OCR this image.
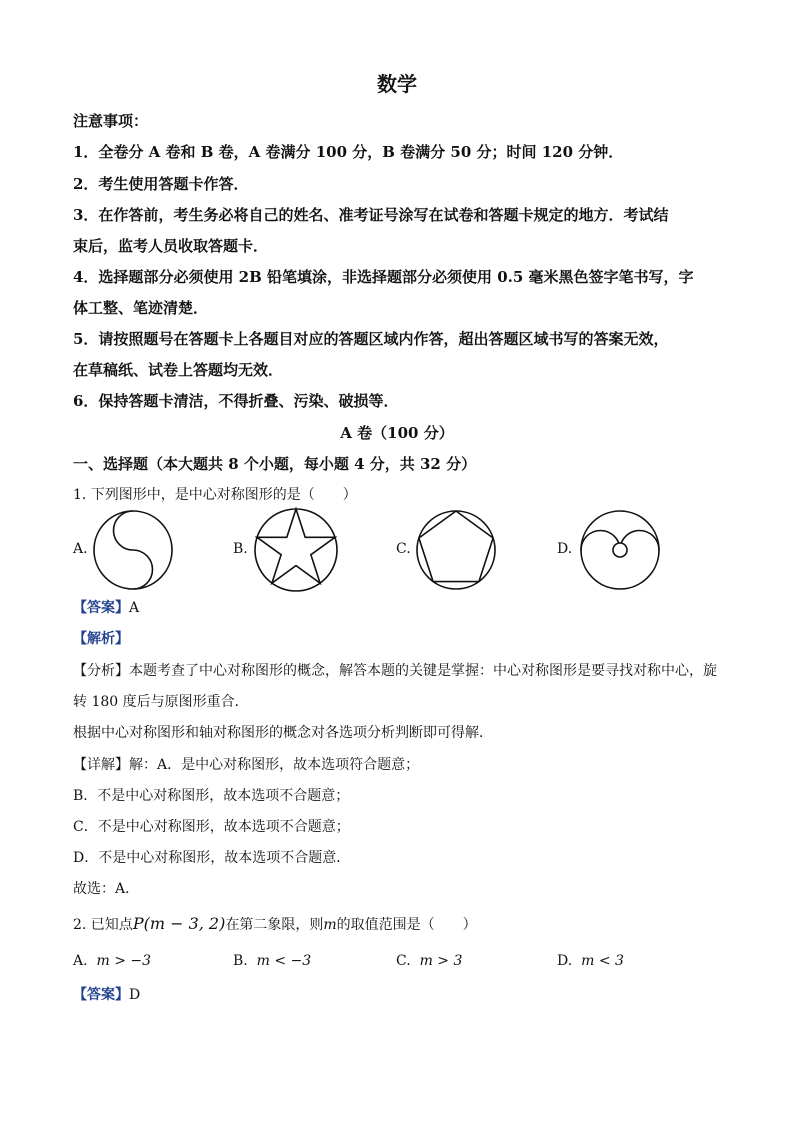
数学
注意事项：
1．全卷分 A 卷和 B 卷，A 卷满分 100 分，B 卷满分 50 分；时间 120 分钟．
2．考生使用答题卡作答．
3．在作答前，考生务必将自己的姓名、准考证号涂写在试卷和答题卡规定的地方．考试结
束后，监考人员收取答题卡．
4．选择题部分必须使用 2B 铅笔填涂，非选择题部分必须使用 0.5 毫米黑色签字笔书写，字
体工整、笔迹清楚．
5．请按照题号在答题卡上各题目对应的答题区域内作答，超出答题区域书写的答案无效，
在草稿纸、试卷上答题均无效．
6．保持答题卡清洁，不得折叠、污染、破损等．
A 卷（100 分）
一、选择题（本大题共 8 个小题，每小题 4 分，共 32 分）
1. 下列图形中，是中心对称图形的是（　　）
A.	B.	C.	D.
【答案】A
【解析】
【分析】本题考查了中心对称图形的概念，解答本题的关键是掌握：中心对称图形是要寻找对称中心，旋
转 180 度后与原图形重合．
根据中心对称图形和轴对称图形的概念对各选项分析判断即可得解．
【详解】解：A．是中心对称图形，故本选项符合题意；
B．不是中心对称图形，故本选项不合题意；
C．不是中心对称图形，故本选项不合题意；
D．不是中心对称图形，故本选项不合题意．
故选：A．
2. 已知点P(m − 3, 2)在第二象限，则m的取值范围是（　　）
A. m > −3	B. m < −3	C. m > 3	D. m < 3
【答案】D
